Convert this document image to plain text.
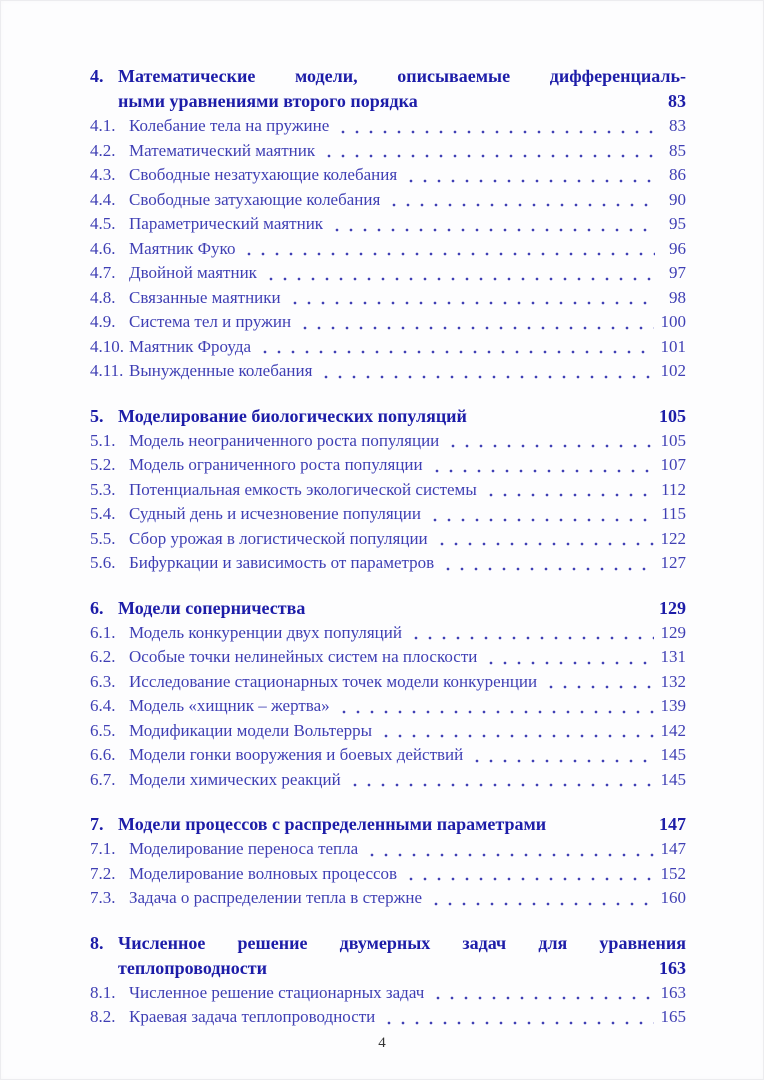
4. Математические модели, описываемые дифференциаль-
ными уравнениями второго порядка	83
4.1. Колебание тела на пружине	83
4.2. Математический маятник	85
4.3. Свободные незатухающие колебания	86
4.4. Свободные затухающие колебания	90
4.5. Параметрический маятник	95
4.6. Маятник Фуко	96
4.7. Двойной маятник	97
4.8. Связанные маятники	98
4.9. Система тел и пружин	100
4.10. Маятник Фроуда	101
4.11. Вынужденные колебания	102
5. Моделирование биологических популяций	105
5.1. Модель неограниченного роста популяции	105
5.2. Модель ограниченного роста популяции	107
5.3. Потенциальная емкость экологической системы	112
5.4. Судный день и исчезновение популяции	115
5.5. Сбор урожая в логистической популяции	122
5.6. Бифуркации и зависимость от параметров	127
6. Модели соперничества	129
6.1. Модель конкуренции двух популяций	129
6.2. Особые точки нелинейных систем на плоскости	131
6.3. Исследование стационарных точек модели конкуренции	132
6.4. Модель «хищник – жертва»	139
6.5. Модификации модели Вольтерры	142
6.6. Модели гонки вооружения и боевых действий	145
6.7. Модели химических реакций	145
7. Модели процессов с распределенными параметрами	147
7.1. Моделирование переноса тепла	147
7.2. Моделирование волновых процессов	152
7.3. Задача о распределении тепла в стержне	160
8. Численное решение двумерных задач для уравнения
теплопроводности	163
8.1. Численное решение стационарных задач	163
8.2. Краевая задача теплопроводности	165
4
